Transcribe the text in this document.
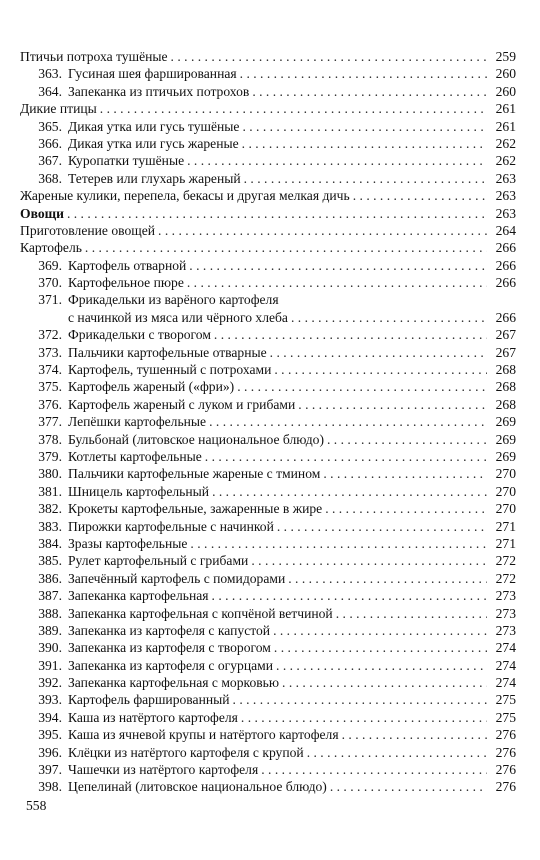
Птичьи потроха тушёные . . .	259
363. Гусиная шея фаршированная . . .	260
364. Запеканка из птичьих потрохов . . .	260
Дикие птицы . . .	261
365. Дикая утка или гусь тушёные . . .	261
366. Дикая утка или гусь жареные . . .	262
367. Куропатки тушёные . . .	262
368. Тетерев или глухарь жареный . . .	263
Жареные кулики, перепела, бекасы и другая мелкая дичь . . .	263
Овощи . . .	263
Приготовление овощей . . .	264
Картофель . . .	266
369. Картофель отварной . . .	266
370. Картофельное пюре . . .	266
371. Фрикадельки из варёного картофеля
с начинкой из мяса или чёрного хлеба . . .	266
372. Фрикадельки с творогом . . .	267
373. Пальчики картофельные отварные . . .	267
374. Картофель, тушенный с потрохами . . .	268
375. Картофель жареный («фри») . . .	268
376. Картофель жареный с луком и грибами . . .	268
377. Лепёшки картофельные . . .	269
378. Бульбонай (литовское национальное блюдо) . . .	269
379. Котлеты картофельные . . .	269
380. Пальчики картофельные жареные с тмином . . .	270
381. Шницель картофельный . . .	270
382. Крокеты картофельные, зажаренные в жире . . .	270
383. Пирожки картофельные с начинкой . . .	271
384. Зразы картофельные . . .	271
385. Рулет картофельный с грибами . . .	272
386. Запечённый картофель с помидорами . . .	272
387. Запеканка картофельная . . .	273
388. Запеканка картофельная с копчёной ветчиной . . .	273
389. Запеканка из картофеля с капустой . . .	273
390. Запеканка из картофеля с творогом . . .	274
391. Запеканка из картофеля с огурцами . . .	274
392. Запеканка картофельная с морковью . . .	274
393. Картофель фаршированный . . .	275
394. Каша из натёртого картофеля . . .	275
395. Каша из ячневой крупы и натёртого картофеля . . .	276
396. Клёцки из натёртого картофеля с крупой . . .	276
397. Чашечки из натёртого картофеля . . .	276
398. Цепелинай (литовское национальное блюдо) . . .	276
558
